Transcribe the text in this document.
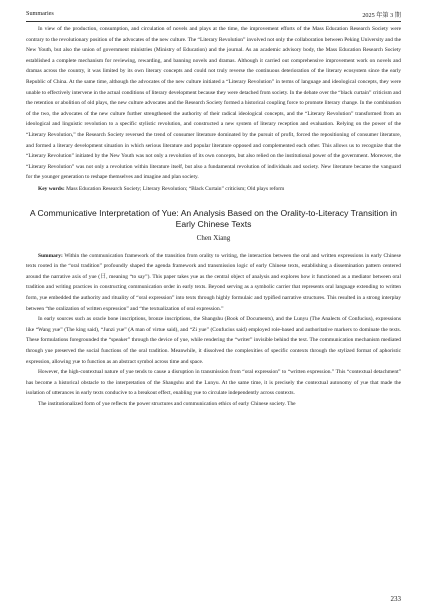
Summaries	2025 年第 3 期

In view of the production, consumption, and circulation of novels and plays at the time, the improvement efforts of the Mass Education Research Society were contrary to the revolutionary position of the advocates of the new culture. The “Literary Revolution” involved not only the collaboration between Peking University and the New Youth, but also the union of government ministries (Ministry of Education) and the journal. As an academic advisory body, the Mass Education Research Society established a complete mechanism for reviewing, rewarding, and banning novels and dramas. Although it carried out comprehensive improvement work on novels and dramas across the country, it was limited by its own literary concepts and could not truly reverse the continuous deterioration of the literary ecosystem since the early Republic of China. At the same time, although the advocates of the new culture initiated a “Literary Revolution” in terms of language and ideological concepts, they were unable to effectively intervene in the actual conditions of literary development because they were detached from society. In the debate over the “black curtain” criticism and the retention or abolition of old plays, the new culture advocates and the Research Society formed a historical coupling force to promote literary change. In the combination of the two, the advocates of the new culture further strengthened the authority of their radical ideological concepts, and the “Literary Revolution” transformed from an ideological and linguistic revolution to a specific stylistic revolution, and constructed a new system of literary reception and evaluation. Relying on the power of the “Literary Revolution,” the Research Society reversed the trend of consumer literature dominated by the pursuit of profit, forced the repositioning of consumer literature, and formed a literary development situation in which serious literature and popular literature opposed and complemented each other. This allows us to recognize that the “Literary Revolution” initiated by the New Youth was not only a revolution of its own concepts, but also relied on the institutional power of the government. Moreover, the “Literary Revolution” was not only a revolution within literature itself, but also a fundamental revolution of individuals and society. New literature became the vanguard for the younger generation to reshape themselves and imagine and plan society.

Key words: Mass Education Research Society; Literary Revolution; “Black Curtain” criticism; Old plays reform

A Communicative Interpretation of Yue: An Analysis Based on the Orality-to-Literacy Transition in Early Chinese Texts
Chen Xiang

Summary: Within the communication framework of the transition from orality to writing, the interaction between the oral and written expressions in early Chinese texts rooted in the “oral tradition” profoundly shaped the agenda framework and transmission logic of early Chinese texts, establishing a dissemination pattern centered around the narrative axis of yue (曰, meaning “to say”). This paper takes yue as the central object of analysis and explores how it functioned as a mediator between oral tradition and writing practices in constructing communication order in early texts. Beyond serving as a symbolic carrier that represents oral language extending to written form, yue embedded the authority and rituality of “oral expression” into texts through highly formulaic and typified narrative structures. This resulted in a strong interplay between “the oralization of written expression” and “the textualization of oral expression.”

In early sources such as oracle bone inscriptions, bronze inscriptions, the Shangshu (Book of Documents), and the Lunyu (The Analects of Confucius), expressions like “Wang yue” (The king said), “Junzi yue” (A man of virtue said), and “Zi yue” (Confucius said) employed role-based and authoritative markers to dominate the texts. These formulations foregrounded the “speaker” through the device of yue, while rendering the “writer” invisible behind the text. The communication mechanism mediated through yue preserved the social functions of the oral tradition. Meanwhile, it dissolved the complexities of specific contexts through the stylized format of aphoristic expression, allowing yue to function as an abstract symbol across time and space.

However, the high-contextual nature of yue tends to cause a disruption in transmission from “oral expression” to “written expression.” This “contextual detachment” has become a historical obstacle to the interpretation of the Shangshu and the Lunyu. At the same time, it is precisely the contextual autonomy of yue that made the isolation of utterances in early texts conducive to a breakout effect, enabling yue to circulate independently across contexts.

The institutionalized form of yue reflects the power structures and communication ethics of early Chinese society. The

233
